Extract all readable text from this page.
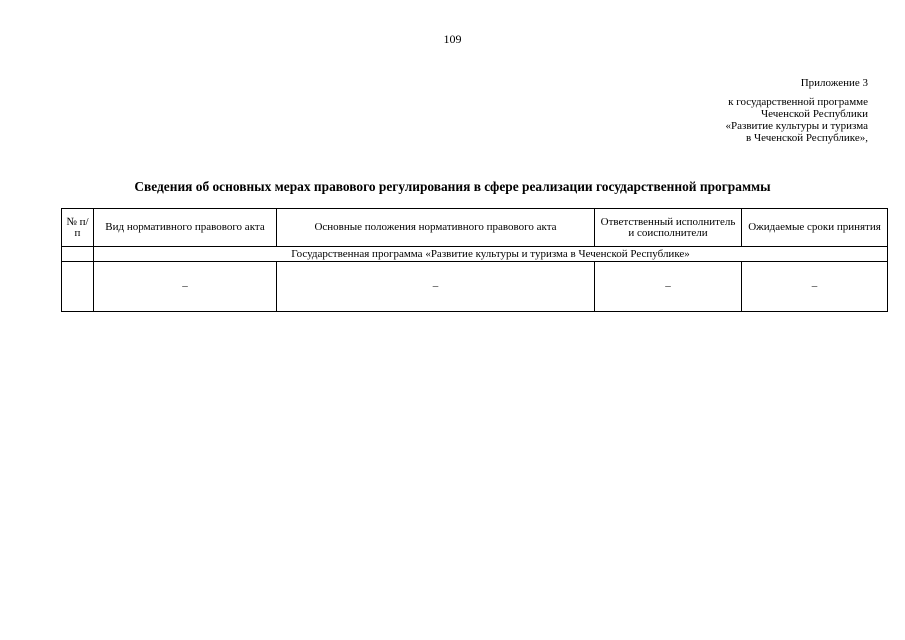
109
Приложение 3
к государственной программе
Чеченской Республики
«Развитие культуры и туризма
в Чеченской Республике»,
Сведения об основных мерах правового регулирования в сфере реализации государственной программы
№ п/п	Вид нормативного правового акта	Основные положения нормативного правового акта	Ответственный исполнитель и соисполнители	Ожидаемые сроки принятия
	Государственная программа «Развитие культуры и туризма в Чеченской Республике»			
	–	–	–	–
